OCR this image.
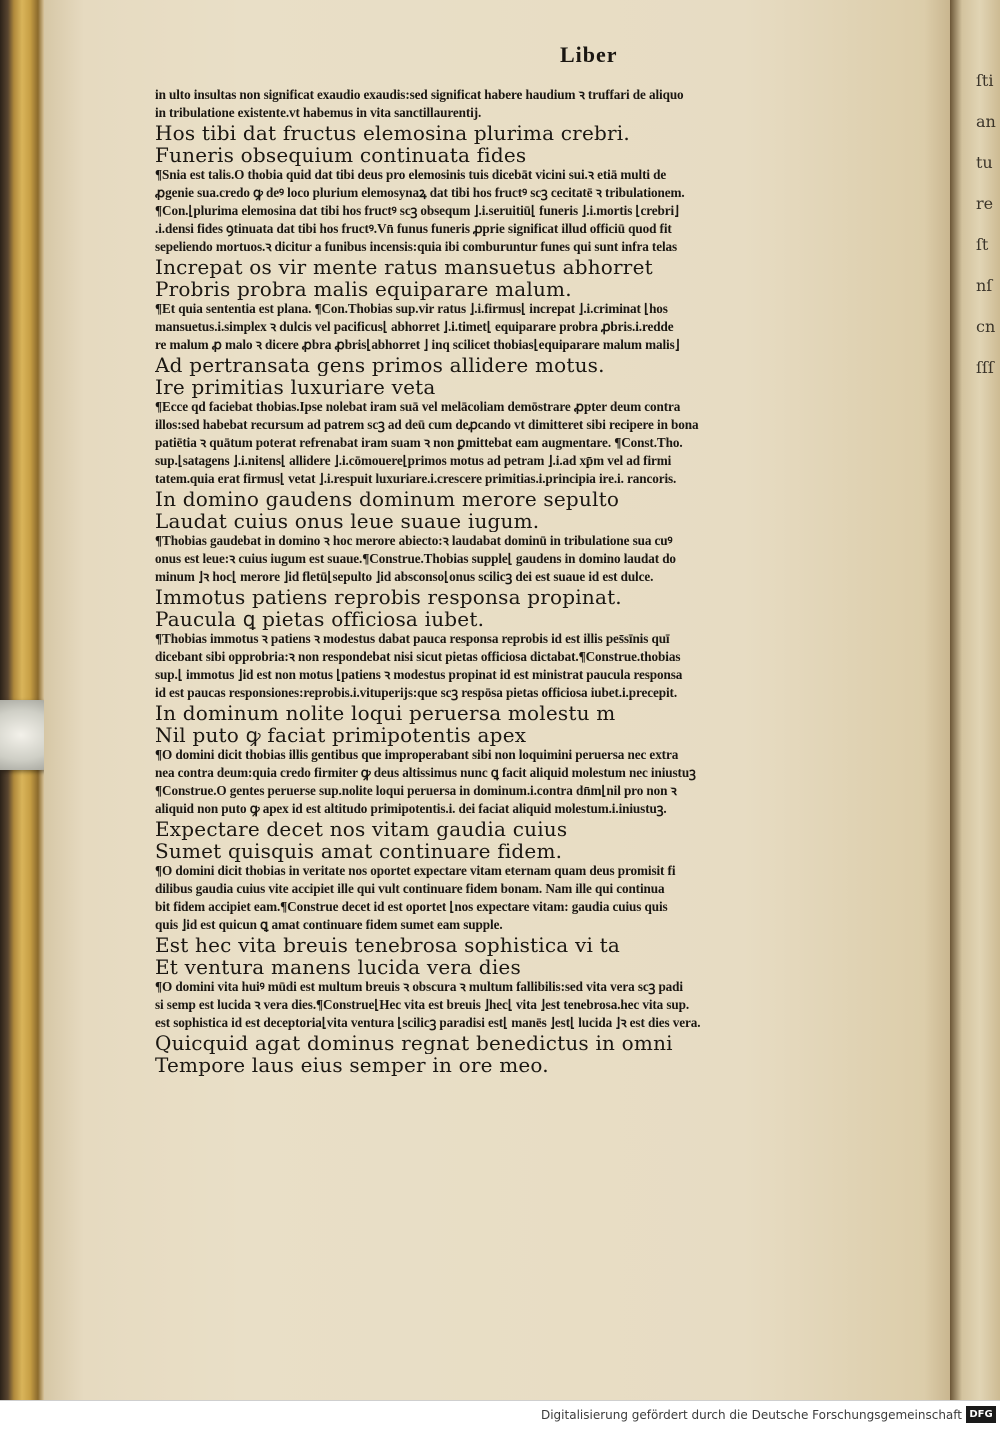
ſtiantureſtnſcnſſſ
Liber
in ulto insultas non significat exaudio exaudis:sed significat habere haudium ꝛ truffari de aliquo
in tribulatione existente.vt habemus in vita sanctillaurentij.
Hos tibi dat fructus elemosina plurima crebri.
Funeris obsequium continuata fides
¶Snia est talis.O thobia quid dat tibi deus pro elemosinis tuis dicebāt vicini sui.ꝛ etiā multi de
ꝓgenie sua.credo ꝙ deꝰ loco plurium elemosynaꝝ dat tibi hos fructꝰ scꝫ cecitatē ꝛ tribulationem.
¶Con.⌊plurima elemosina dat tibi hos fructꝰ scꝫ obsequm ⌋.i.seruitiū⌊ funeris ⌋.i.mortis ⌊crebri⌋
.i.densi fides ꝯtinuata dat tibi hos fructꝰ.Vn̄ funus funeris ꝓprie significat illud officiū quod fit
sepeliendo mortuos.ꝛ dicitur a funibus incensis:quia ibi comburuntur funes qui sunt infra telas
Increpat os vir mente ratus mansuetus abhorret
Probris probra malis equiparare malum.
¶Et quia sententia est plana. ¶Con.Thobias sup.vir ratus ⌋.i.firmus⌊ increpat ⌋.i.criminat ⌊hos
mansuetus.i.simplex ꝛ dulcis vel pacificus⌊ abhorret ⌋.i.timet⌊ equiparare probra ꝓbris.i.redde
re malum ꝓ malo ꝛ dicere ꝓbra ꝓbris⌊abhorret ⌋ inq scilicet thobias⌊equiparare malum malis⌋
Ad pertransata gens primos allidere motus.
Ire primitias luxuriare veta
¶Ecce qd faciebat thobias.Ipse nolebat iram suā vel melācoliam demōstrare ꝓpter deum contra
illos:sed habebat recursum ad patrem scꝫ ad deū cum deꝓcando vt dimitteret sibi recipere in bona
patiētia ꝛ quātum poterat refrenabat iram suam ꝛ non ꝑmittebat eam augmentare. ¶Const.Tho.
sup.⌊satagens ⌋.i.nitens⌊ allidere ⌋.i.cōmouere⌊primos motus ad petram ⌋.i.ad xp̄m vel ad firmi
tatem.quia erat firmus⌊ vetat ⌋.i.respuit luxuriare.i.crescere primitias.i.principia ire.i. rancoris.
In domino gaudens dominum merore sepulto
Laudat cuius onus leue suaue iugum.
¶Thobias gaudebat in domino ꝛ hoc merore abiecto:ꝛ laudabat dominū in tribulatione sua cuꝰ
onus est leue:ꝛ cuius iugum est suaue.¶Construe.Thobias supple⌊ gaudens in domino laudat do
minum ⌋ꝛ hoc⌊ merore ⌋id fletū⌊sepulto ⌋id absconso⌊onus scilicꝫ dei est suaue id est dulce.
Immotus patiens reprobis responsa propinat.
Paucula ꝗ pietas officiosa iubet.
¶Thobias immotus ꝛ patiens ꝛ modestus dabat pauca responsa reprobis id est illis pes̄sīnis quī
dicebant sibi opprobria:ꝛ non respondebat nisi sicut pietas officiosa dictabat.¶Construe.thobias
sup.⌊ immotus ⌋id est non motus ⌊patiens ꝛ modestus propinat id est ministrat paucula responsa
id est paucas responsiones:reprobis.i.vituperijs:que scꝫ respōsa pietas officiosa iubet.i.precepit.
In dominum nolite loqui peruersa molestu m
Nil puto ꝙ faciat primipotentis apex
¶O domini dicit thobias illis gentibus que improperabant sibi non loquimini peruersa nec extra
nea contra deum:quia credo firmiter ꝙ deus altissimus nunc ꝗ facit aliquid molestum nec iniustuꝫ
¶Construe.O gentes peruerse sup.nolite loqui peruersa in dominum.i.contra dn̄m⌊nil pro non ꝛ
aliquid non puto ꝙ apex id est altitudo primipotentis.i. dei faciat aliquid molestum.i.iniustuꝫ.
Expectare decet nos vitam gaudia cuius
Sumet quisquis amat continuare fidem.
¶O domini dicit thobias in veritate nos oportet expectare vitam eternam quam deus promisit fi
dilibus gaudia cuius vite accipiet ille qui vult continuare fidem bonam. Nam ille qui continua
bit fidem accipiet eam.¶Construe decet id est oportet ⌊nos expectare vitam: gaudia cuius quis
quis ⌋id est quicun ꝗ amat continuare fidem sumet eam supple.
Est hec vita breuis tenebrosa sophistica vi ta
Et ventura manens lucida vera dies
¶O domini vita huiꝰ mūdi est multum breuis ꝛ obscura ꝛ multum fallibilis:sed vita vera scꝫ padi
si semp est lucida ꝛ vera dies.¶Construe⌊Hec vita est breuis ⌋hec⌊ vita ⌋est tenebrosa.hec vita sup.
est sophistica id est deceptoria⌊vita ventura ⌊scilicꝫ paradisi est⌊ manēs ⌋est⌊ lucida ⌋ꝛ est dies vera.
Quicquid agat dominus regnat benedictus in omni
Tempore laus eius semper in ore meo.
Digitalisierung gefördert durch die Deutsche Forschungsgemeinschaft DFG
